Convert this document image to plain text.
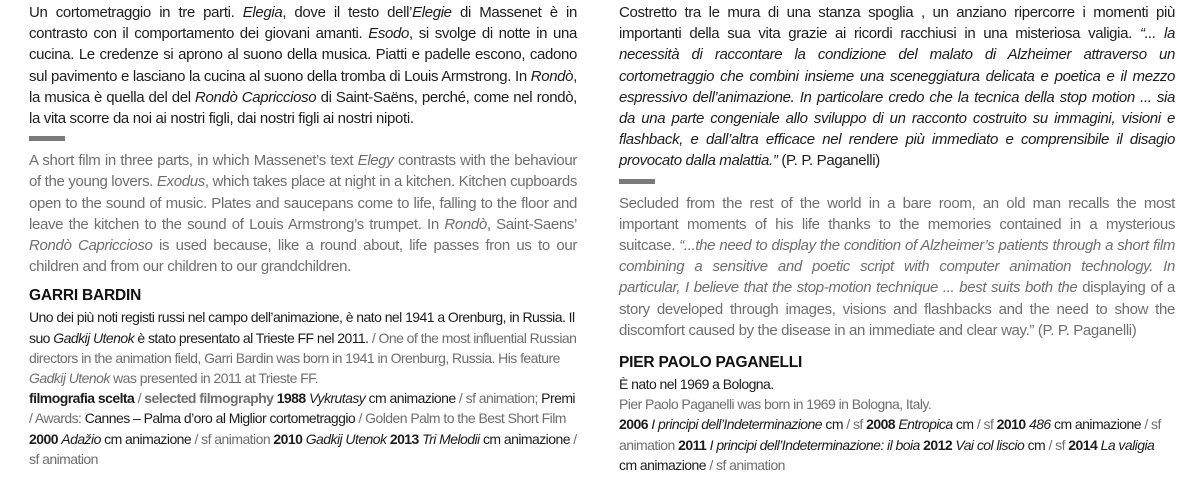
Un cortometraggio in tre parti. Elegia, dove il testo dell’Elegie di Massenet è in contrasto con il comportamento dei giovani amanti. Esodo, si svolge di notte in una cucina. Le credenze si aprono al suono della musica. Piatti e padelle escono, cadono sul pavimento e lasciano la cucina al suono della tromba di Louis Armstrong. In Rondò, la musica è quella del del Rondò Capriccioso di Saint-Saëns, perché, come nel rondò, la vita scorre da noi ai nostri figli, dai nostri figli ai nostri nipoti.

A short film in three parts, in which Massenet’s text Elegy contrasts with the behaviour of the young lovers. Exodus, which takes place at night in a kitchen. Kitchen cupboards open to the sound of music. Plates and saucepans come to life, falling to the floor and leave the kitchen to the sound of Louis Armstrong’s trumpet. In Rondò, Saint-Saens’ Rondò Capriccioso is used because, like a round about, life passes fron us to our children and from our children to our grandchildren.

GARRI BARDIN

Uno dei più noti registi russi nel campo dell’animazione, è nato nel 1941 a Orenburg, in Russia. Il suo Gadkij Utenok è stato presentato al Trieste FF nel 2011. / One of the most influential Russian directors in the animation field, Garri Bardin was born in 1941 in Orenburg, Russia. His feature Gadkij Utenok was presented in 2011 at Trieste FF.

filmografia scelta / selected filmography 1988 Vykrutasy cm animazione / sf animation; Premi / Awards: Cannes – Palma d’oro al Miglior cortometraggio / Golden Palm to the Best Short Film 2000 Adažio cm animazione / sf animation 2010 Gadkij Utenok 2013 Tri Melodii cm animazione / sf animation

Costretto tra le mura di una stanza spoglia , un anziano ripercorre i momenti più importanti della sua vita grazie ai ricordi racchiusi in una misteriosa valigia. “... la necessità di raccontare la condizione del malato di Alzheimer attraverso un cortometraggio che combini insieme una sceneggiatura delicata e poetica e il mezzo espressivo dell’animazione. In particolare credo che la tecnica della stop motion ... sia da una parte congeniale allo sviluppo di un racconto costruito su immagini, visioni e flashback, e dall’altra efficace nel rendere più immediato e comprensibile il disagio provocato dalla malattia.” (P. P. Paganelli)

Secluded from the rest of the world in a bare room, an old man recalls the most important moments of his life thanks to the memories contained in a mysterious suitcase. “...the need to display the condition of Alzheimer’s patients through a short film combining a sensitive and poetic script with computer animation technology. In particular, I believe that the stop-motion technique ... best suits both the displaying of a story developed through images, visions and flashbacks and the need to show the discomfort caused by the disease in an immediate and clear way.” (P. P. Paganelli)

PIER PAOLO PAGANELLI

È nato nel 1969 a Bologna.

Pier Paolo Paganelli was born in 1969 in Bologna, Italy.

2006 I principi dell’Indeterminazione cm / sf 2008 Entropica cm / sf 2010 486 cm animazione / sf animation 2011 I principi dell’Indeterminazione: il boia 2012 Vai col liscio cm / sf 2014 La valigia cm animazione / sf animation
